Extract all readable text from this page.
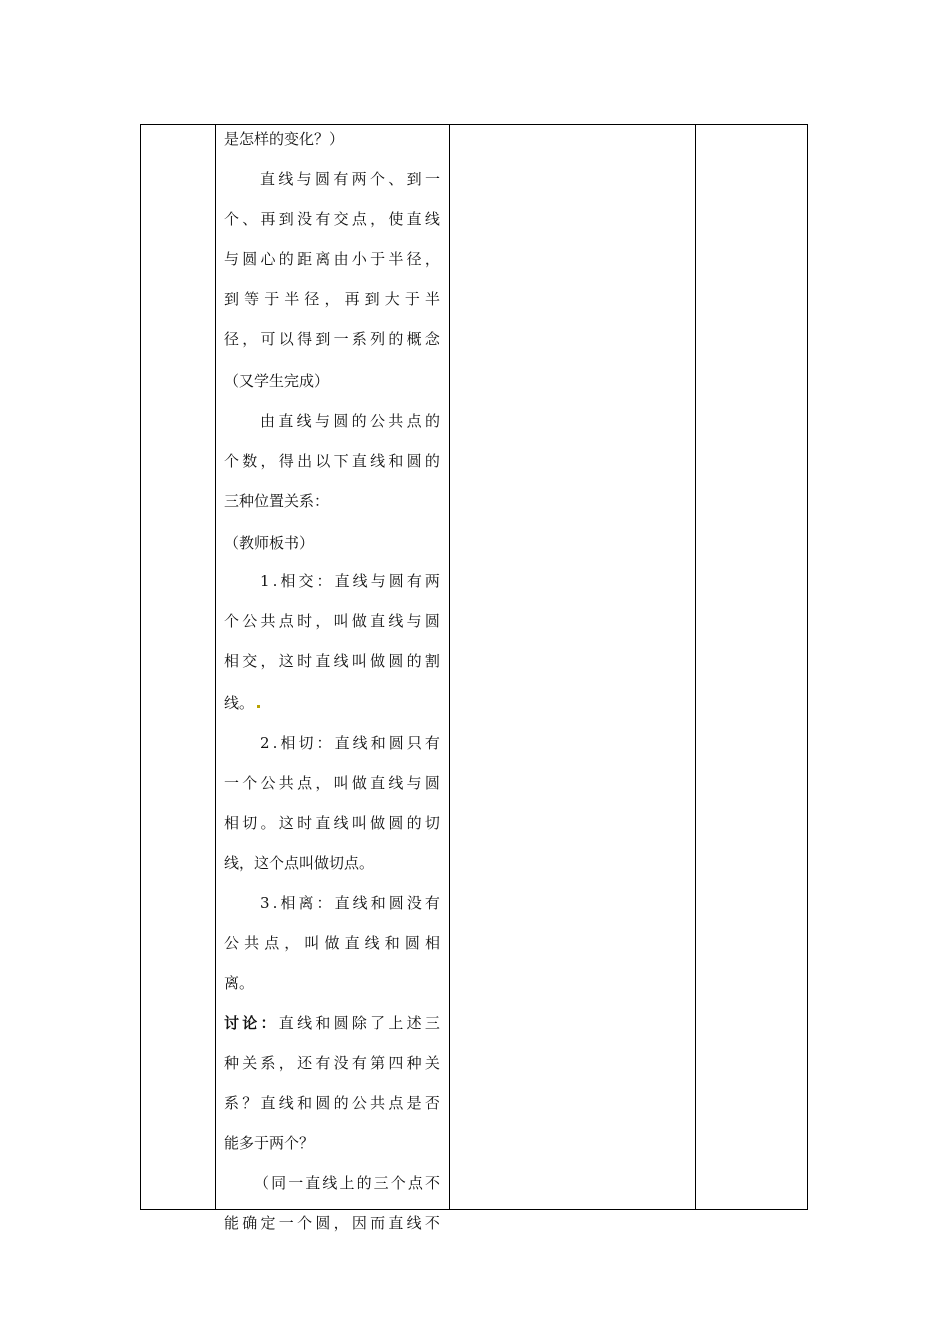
是怎样的变化？）
直 线 与 圆 有 两 个 、 到 一
个 、 再 到 没 有 交 点 ， 使 直 线
与 圆 心 的 距 离 由 小 于 半 径 ，
到 等 于 半 径 ， 再 到 大 于 半
径 ， 可 以 得 到 一 系 列 的 概 念
（又学生完成）
由 直 线 与 圆 的 公 共 点 的
个 数 ， 得 出 以 下 直 线 和 圆 的
三种位置关系：
（教师板书）
1 . 相 交 ： 直 线 与 圆 有 两
个 公 共 点 时 ， 叫 做 直 线 与 圆
相 交 ， 这 时 直 线 叫 做 圆 的 割
线。
2 . 相 切 ： 直 线 和 圆 只 有
一 个 公 共 点 ， 叫 做 直 线 与 圆
相 切 。 这 时 直 线 叫 做 圆 的 切
线，这个点叫做切点。
3 . 相 离 ： 直 线 和 圆 没 有
公 共 点 ， 叫 做 直 线 和 圆 相
离。
讨 论 ： 直 线 和 圆 除 了 上 述 三
种 关 系 ， 还 有 没 有 第 四 种 关
系 ？ 直 线 和 圆 的 公 共 点 是 否
能多于两个？
（ 同 一 直 线 上 的 三 个 点 不
能 确 定 一 个 圆 ， 因 而 直 线 不
